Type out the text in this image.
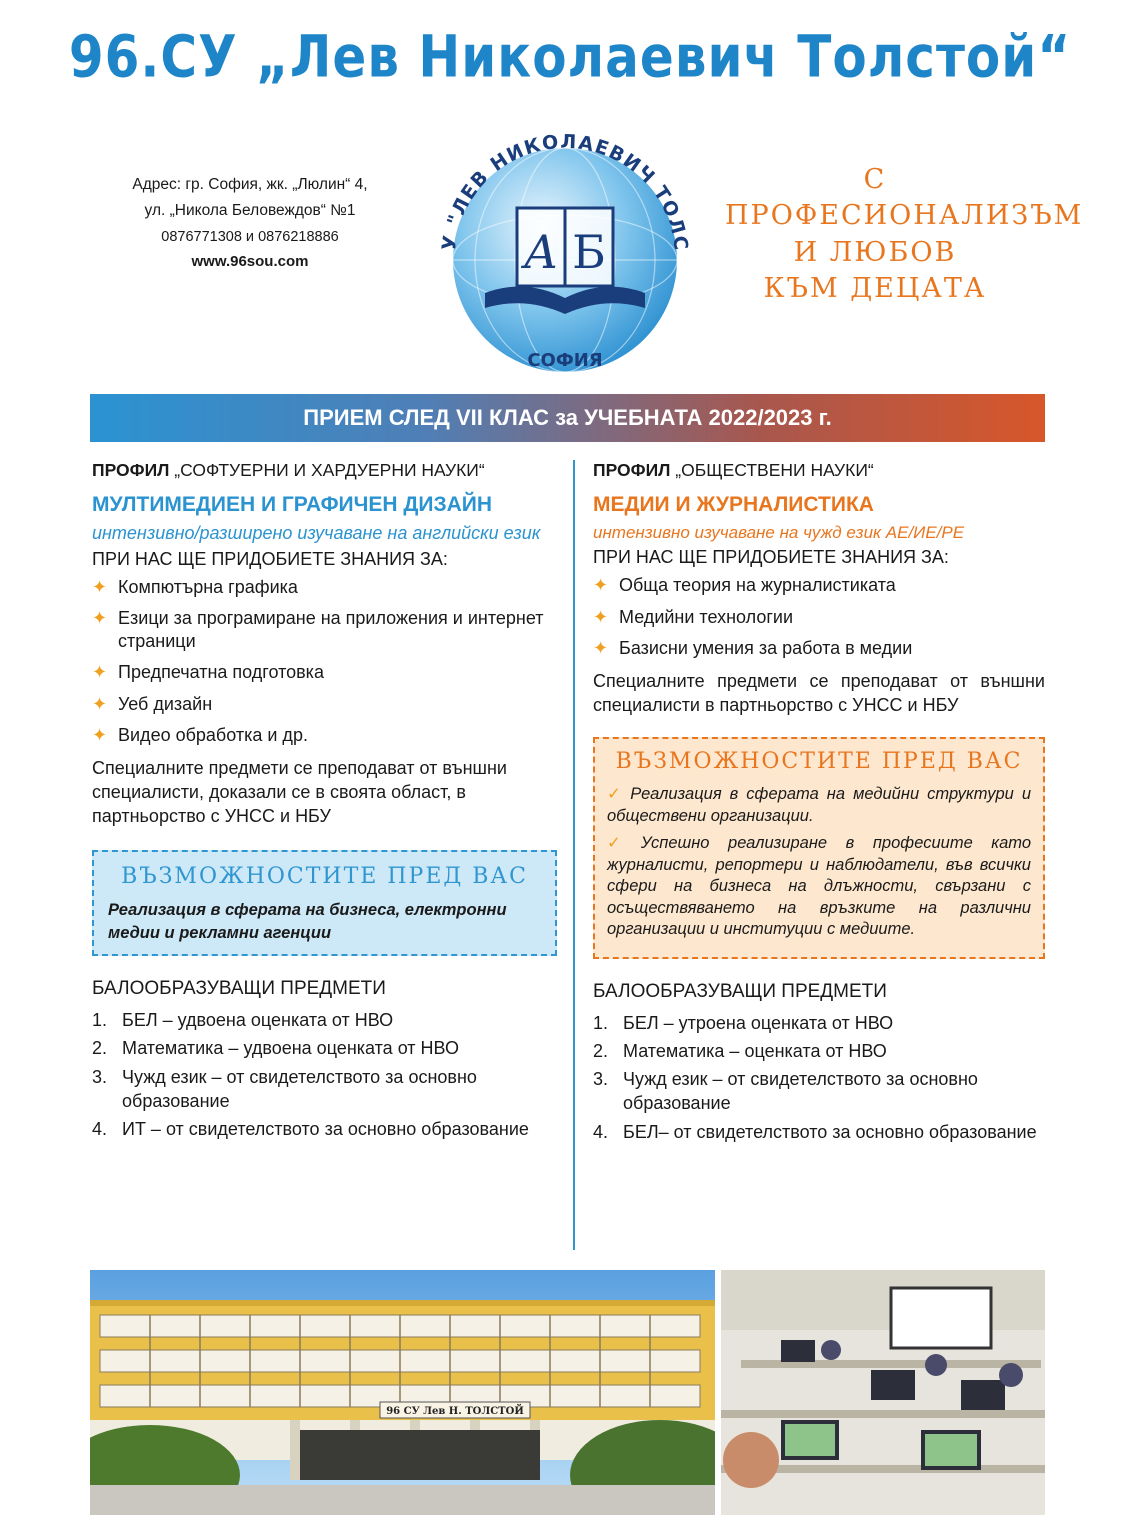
96.СУ „Лев Николаевич Толстой“
Адрес: гр. София, жк. „Люлин“ 4,
ул. „Никола Беловеждов“ №1
0876771308 и 0876218886
www.96sou.com
У "ЛЕВ НИКОЛАЕВИЧ ТОЛС
А Б
СОФИЯ
С ПРОФЕСИОНАЛИЗЪМ
И ЛЮБОВ
КЪМ ДЕЦАТА
ПРИЕМ СЛЕД VII КЛАС за УЧЕБНАТА 2022/2023 г.
ПРОФИЛ „СОФТУЕРНИ И ХАРДУЕРНИ НАУКИ“
МУЛТИМЕДИЕН И ГРАФИЧЕН ДИЗАЙН
интензивно/разширено изучаване на английски език
ПРИ НАС ЩЕ ПРИДОБИЕТЕ ЗНАНИЯ ЗА:
✦ Компютърна графика
✦ Езици за програмиране на приложения и интернет страници
✦ Предпечатна подготовка
✦ Уеб дизайн
✦ Видео обработка и др.
Специалните предмети се преподават от външни специалисти, доказали се в своята област, в партньорство с УНСС и НБУ
ВЪЗМОЖНОСТИТЕ ПРЕД ВАС
Реализация в сферата на бизнеса, електронни медии и рекламни агенции
БАЛООБРАЗУВАЩИ ПРЕДМЕТИ
1. БЕЛ – удвоена оценката от НВО
2. Математика – удвоена оценката от НВО
3. Чужд език – от свидетелството за основно образование
4. ИТ – от свидетелството за основно образование
ПРОФИЛ „ОБЩЕСТВЕНИ НАУКИ“
МЕДИИ И ЖУРНАЛИСТИКА
интензивно изучаване на чужд език АЕ/ИЕ/РЕ
ПРИ НАС ЩЕ ПРИДОБИЕТЕ ЗНАНИЯ ЗА:
✦ Обща теория на журналистиката
✦ Медийни технологии
✦ Базисни умения за работа в медии
Специалните предмети се преподават от външни специалисти в партньорство с УНСС и НБУ
ВЪЗМОЖНОСТИТЕ ПРЕД ВАС
✓ Реализация в сферата на медийни структури и обществени организации.
✓ Успешно реализиране в професиите като журналисти, репортери и наблюдатели, във всички сфери на бизнеса на длъжности, свързани с осъществяването на връзките на различни организации и институции с медиите.
БАЛООБРАЗУВАЩИ ПРЕДМЕТИ
1. БЕЛ – утроена оценката от НВО
2. Математика – оценката от НВО
3. Чужд език – от свидетелството за основно образование
4. БЕЛ– от свидетелството за основно образование
96 СУ Лев Н. ТОЛСТОЙ
